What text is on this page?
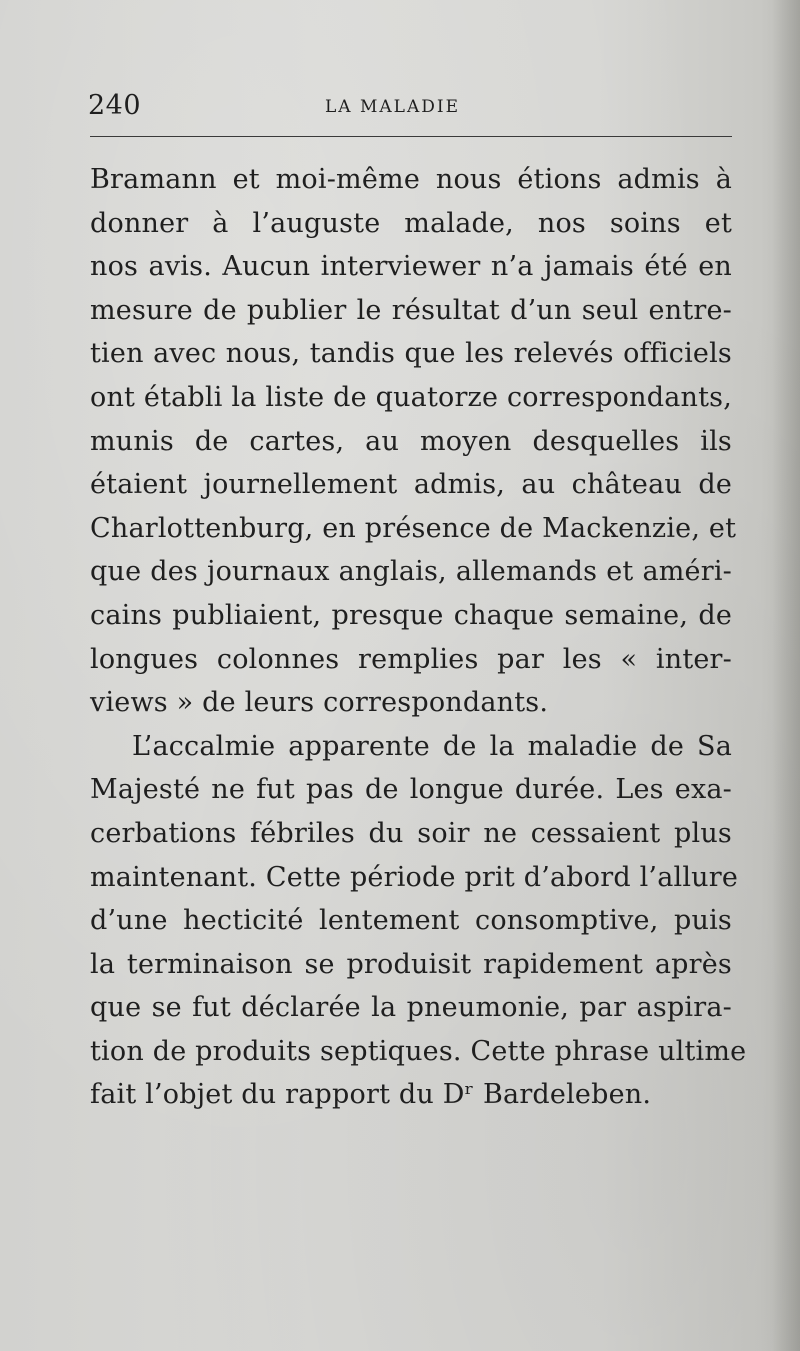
240	LA MALADIE
Bramann et moi-même nous étions admis à
donner à l’auguste malade, nos soins et
nos avis. Aucun interviewer n’a jamais été en
mesure de publier le résultat d’un seul entre-
tien avec nous, tandis que les relevés officiels
ont établi la liste de quatorze correspondants,
munis de cartes, au moyen desquelles ils
étaient journellement admis, au château de
Charlottenburg, en présence de Mackenzie, et
que des journaux anglais, allemands et améri-
cains publiaient, presque chaque semaine, de
longues colonnes remplies par les « inter-
views » de leurs correspondants.
L’accalmie apparente de la maladie de Sa
Majesté ne fut pas de longue durée. Les exa-
cerbations fébriles du soir ne cessaient plus
maintenant. Cette période prit d’abord l’allure
d’une hecticité lentement consomptive, puis
la terminaison se produisit rapidement après
que se fut déclarée la pneumonie, par aspira-
tion de produits septiques. Cette phrase ultime
fait l’objet du rapport du Dʳ Bardeleben.
